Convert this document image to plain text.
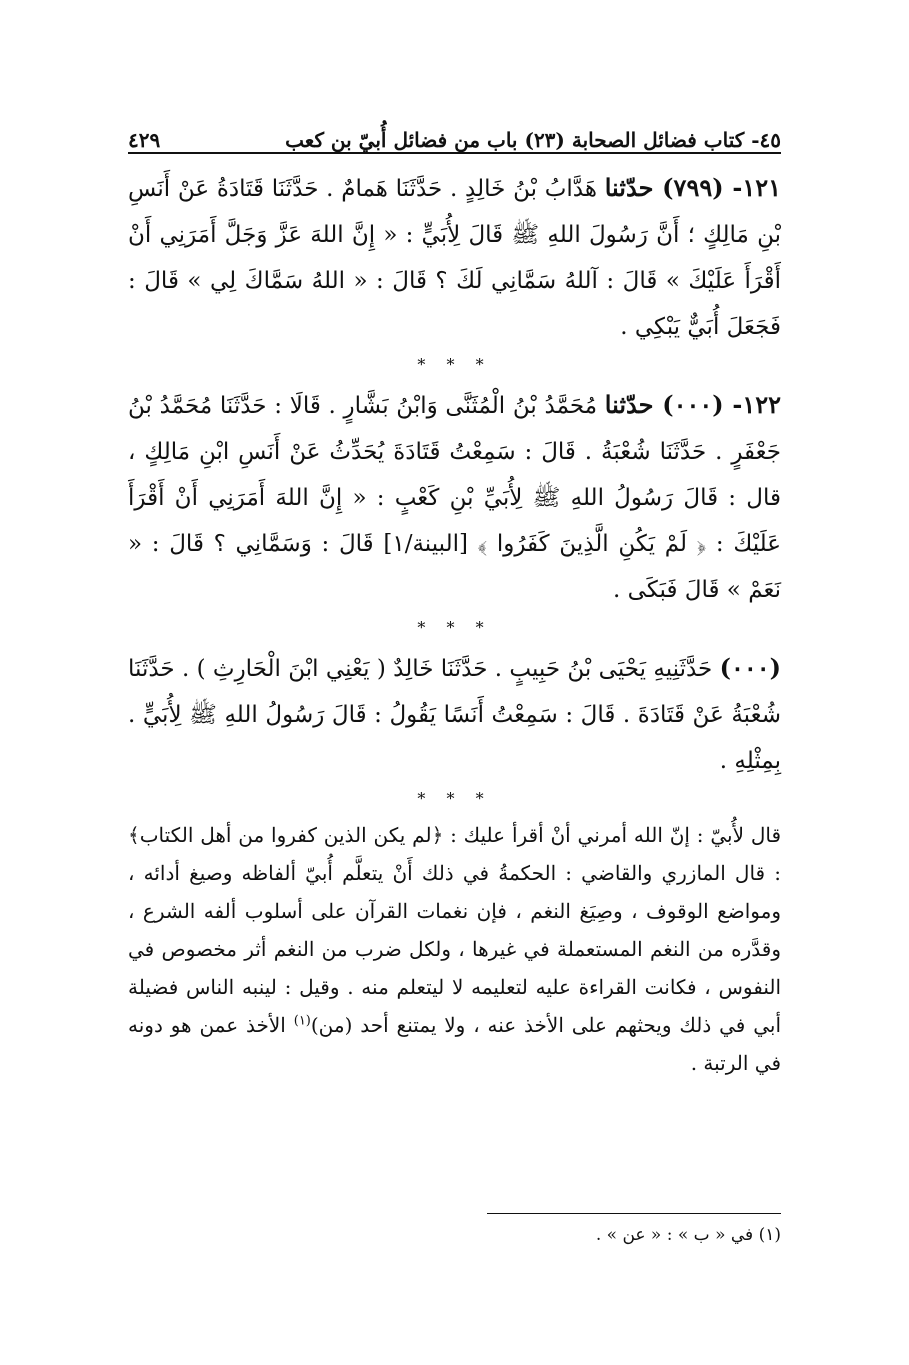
٤٥- كتاب فضائل الصحابة (٢٣) باب من فضائل أُبيّ بن كعب
٤٢٩

١٢١- (٧٩٩) حدّثنا هَدَّابُ بْنُ خَالِدٍ . حَدَّثَنَا هَمامٌ . حَدَّثَنَا قَتَادَةُ عَنْ أَنَسِ بْنِ مَالِكٍ ؛ أَنَّ رَسُولَ اللهِ ﷺ قَالَ لِأُبَيٍّ : « إِنَّ اللهَ عَزَّ وَجَلَّ أَمَرَنِي أَنْ أَقْرَأَ عَلَيْكَ » قَالَ : آللهُ سَمَّانِي لَكَ ؟ قَالَ : « اللهُ سَمَّاكَ لِي » قَالَ : فَجَعَلَ أُبَيٌّ يَبْكِي .

* * *

١٢٢- (٠٠٠) حدّثنا مُحَمَّدُ بْنُ الْمُثَنَّى وَابْنُ بَشَّارٍ . قَالَا : حَدَّثَنَا مُحَمَّدُ بْنُ جَعْفَرٍ . حَدَّثَنَا شُعْبَةُ . قَالَ : سَمِعْتُ قَتَادَةَ يُحَدِّثُ عَنْ أَنَسِ ابْنِ مَالِكٍ ، قال : قَالَ رَسُولُ اللهِ ﷺ لِأُبَيِّ بْنِ كَعْبٍ : « إِنَّ اللهَ أَمَرَنِي أَنْ أَقْرَأَ عَلَيْكَ : ﴿ لَمْ يَكُنِ الَّذِينَ كَفَرُوا ﴾ [البينة/١] قَالَ : وَسَمَّانِي ؟ قَالَ : « نَعَمْ » قَالَ فَبَكَى .

* * *

(٠٠٠) حَدَّثَنِيهِ يَحْيَى بْنُ حَبِيبٍ . حَدَّثَنَا خَالِدٌ ( يَعْنِي ابْنَ الْحَارِثِ ) . حَدَّثَنَا شُعْبَةُ عَنْ قَتَادَةَ . قَالَ : سَمِعْتُ أَنَسًا يَقُولُ : قَالَ رَسُولُ اللهِ ﷺ لِأُبَيٍّ . بِمِثْلِهِ .

* * *

قال لأُبيّ : إنّ الله أمرني أنْ أقرأ عليك : ﴿لم يكن الذين كفروا من أهل الكتاب﴾ : قال المازري والقاضي : الحكمةُ في ذلك أَنْ يتعلَّم أُبيّ ألفاظه وصيغ أدائه ، ومواضع الوقوف ، وصِيَغ النغم ، فإن نغمات القرآن على أسلوب ألفه الشرع ، وقدَّره من النغم المستعملة في غيرها ، ولكل ضرب من النغم أثر مخصوص في النفوس ، فكانت القراءة عليه لتعليمه لا ليتعلم منه . وقيل : لينبه الناس فضيلة أبي في ذلك ويحثهم على الأخذ عنه ، ولا يمتنع أحد (من)$^{(١)}$ الأخذ عمن هو دونه في الرتبة .

(١) في « ب » : « عن » .
